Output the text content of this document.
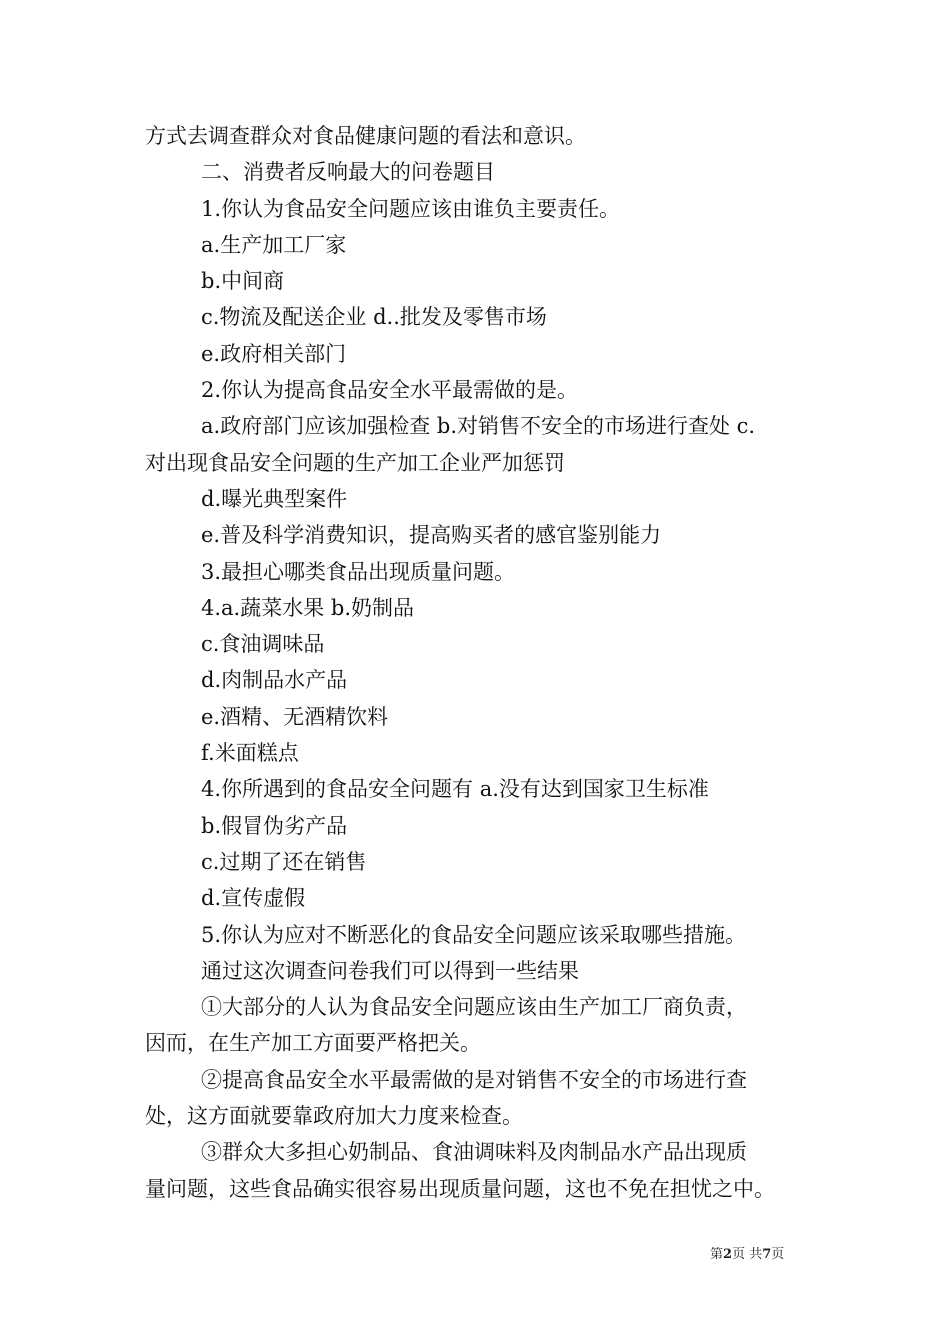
方式去调查群众对食品健康问题的看法和意识。
二、消费者反响最大的问卷题目
1.你认为食品安全问题应该由谁负主要责任。
a.生产加工厂家
b.中间商
c.物流及配送企业 d..批发及零售市场
e.政府相关部门
2.你认为提高食品安全水平最需做的是。
a.政府部门应该加强检查 b.对销售不安全的市场进行查处 c.
对出现食品安全问题的生产加工企业严加惩罚
d.曝光典型案件
e.普及科学消费知识，提高购买者的感官鉴别能力
3.最担心哪类食品出现质量问题。
4.a.蔬菜水果 b.奶制品
c.食油调味品
d.肉制品水产品
e.酒精、无酒精饮料
f.米面糕点
4.你所遇到的食品安全问题有 a.没有达到国家卫生标准
b.假冒伪劣产品
c.过期了还在销售
d.宣传虚假
5.你认为应对不断恶化的食品安全问题应该采取哪些措施。
通过这次调查问卷我们可以得到一些结果
①大部分的人认为食品安全问题应该由生产加工厂商负责，
因而，在生产加工方面要严格把关。
②提高食品安全水平最需做的是对销售不安全的市场进行查
处，这方面就要靠政府加大力度来检查。
③群众大多担心奶制品、食油调味料及肉制品水产品出现质
量问题，这些食品确实很容易出现质量问题，这也不免在担忧之中。
第2页 共7页
